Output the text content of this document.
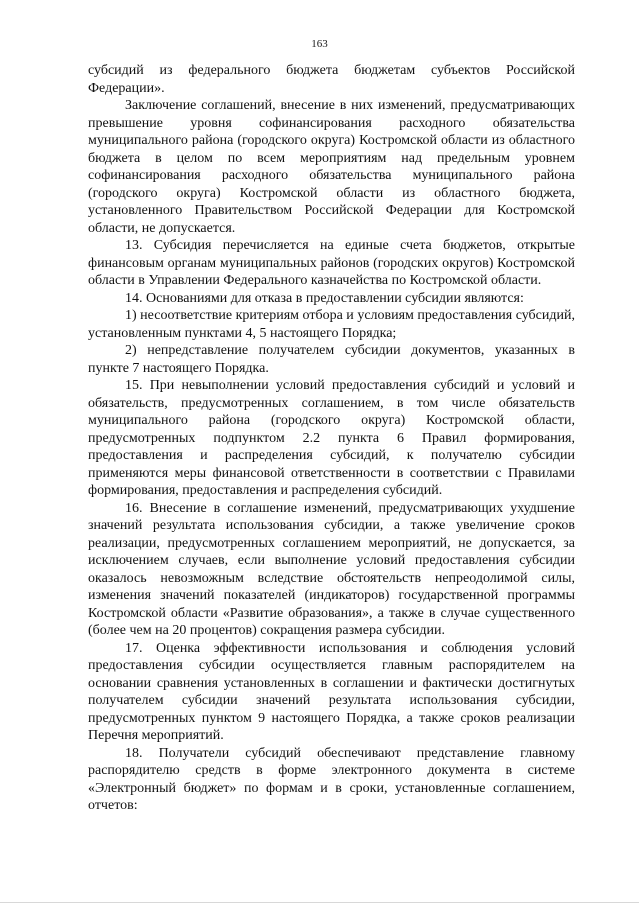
163

субсидий из федерального бюджета бюджетам субъектов Российской Федерации».

Заключение соглашений, внесение в них изменений, предусматривающих превышение уровня софинансирования расходного обязательства муниципального района (городского округа) Костромской области из областного бюджета в целом по всем мероприятиям над предельным уровнем софинансирования расходного обязательства муниципального района (городского округа) Костромской области из областного бюджета, установленного Правительством Российской Федерации для Костромской области, не допускается.

13. Субсидия перечисляется на единые счета бюджетов, открытые финансовым органам муниципальных районов (городских округов) Костромской области в Управлении Федерального казначейства по Костромской области.

14. Основаниями для отказа в предоставлении субсидии являются:

1) несоответствие критериям отбора и условиям предоставления субсидий, установленным пунктами 4, 5 настоящего Порядка;

2) непредставление получателем субсидии документов, указанных в пункте 7 настоящего Порядка.

15. При невыполнении условий предоставления субсидий и условий и обязательств, предусмотренных соглашением, в том числе обязательств муниципального района (городского округа) Костромской области, предусмотренных подпунктом 2.2 пункта 6 Правил формирования, предоставления и распределения субсидий, к получателю субсидии применяются меры финансовой ответственности в соответствии с Правилами формирования, предоставления и распределения субсидий.

16. Внесение в соглашение изменений, предусматривающих ухудшение значений результата использования субсидии, а также увеличение сроков реализации, предусмотренных соглашением мероприятий, не допускается, за исключением случаев, если выполнение условий предоставления субсидии оказалось невозможным вследствие обстоятельств непреодолимой силы, изменения значений показателей (индикаторов) государственной программы Костромской области «Развитие образования», а также в случае существенного (более чем на 20 процентов) сокращения размера субсидии.

17. Оценка эффективности использования и соблюдения условий предоставления субсидии осуществляется главным распорядителем на основании сравнения установленных в соглашении и фактически достигнутых получателем субсидии значений результата использования субсидии, предусмотренных пунктом 9 настоящего Порядка, а также сроков реализации Перечня мероприятий.

18. Получатели субсидий обеспечивают представление главному распорядителю средств в форме электронного документа в системе «Электронный бюджет» по формам и в сроки, установленные соглашением, отчетов:
